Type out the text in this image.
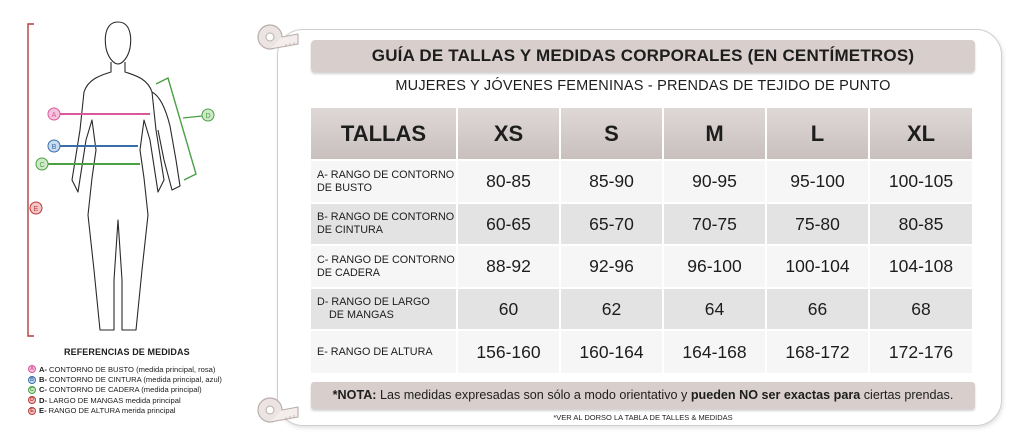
E
D
A
B
C
REFERENCIAS DE MEDIDAS
A A- CONTORNO DE BUSTO (medida principal, rosa)
B B- CONTORNO DE CINTURA (medida principal, azul)
C C- CONTORNO DE CADERA (medida principal)
D D- LARGO DE MANGAS medida principal
E E- RANGO DE ALTURA merida principal
GUÍA DE TALLAS Y MEDIDAS CORPORALES (EN CENTÍMETROS)
MUJERES Y JÓVENES FEMENINAS - PRENDAS DE TEJIDO DE PUNTO
TALLAS	XS	S	M	L	XL

A- RANGO DE CONTORNO
DE BUSTO	80-85	85-90	90-95	95-100	100-105

B- RANGO DE CONTORNO
DE CINTURA	60-65	65-70	70-75	75-80	80-85

C- RANGO DE CONTORNO
DE CADERA	88-92	92-96	96-100	100-104	104-108

D- RANGO DE LARGO
DE MANGAS	60	62	64	66	68

E- RANGO DE ALTURA	156-160	160-164	164-168	168-172	172-176
*NOTA: Las medidas expresadas son sólo a modo orientativo y pueden NO ser exactas para ciertas prendas.
*VER AL DORSO LA TABLA DE TALLES & MEDIDAS
